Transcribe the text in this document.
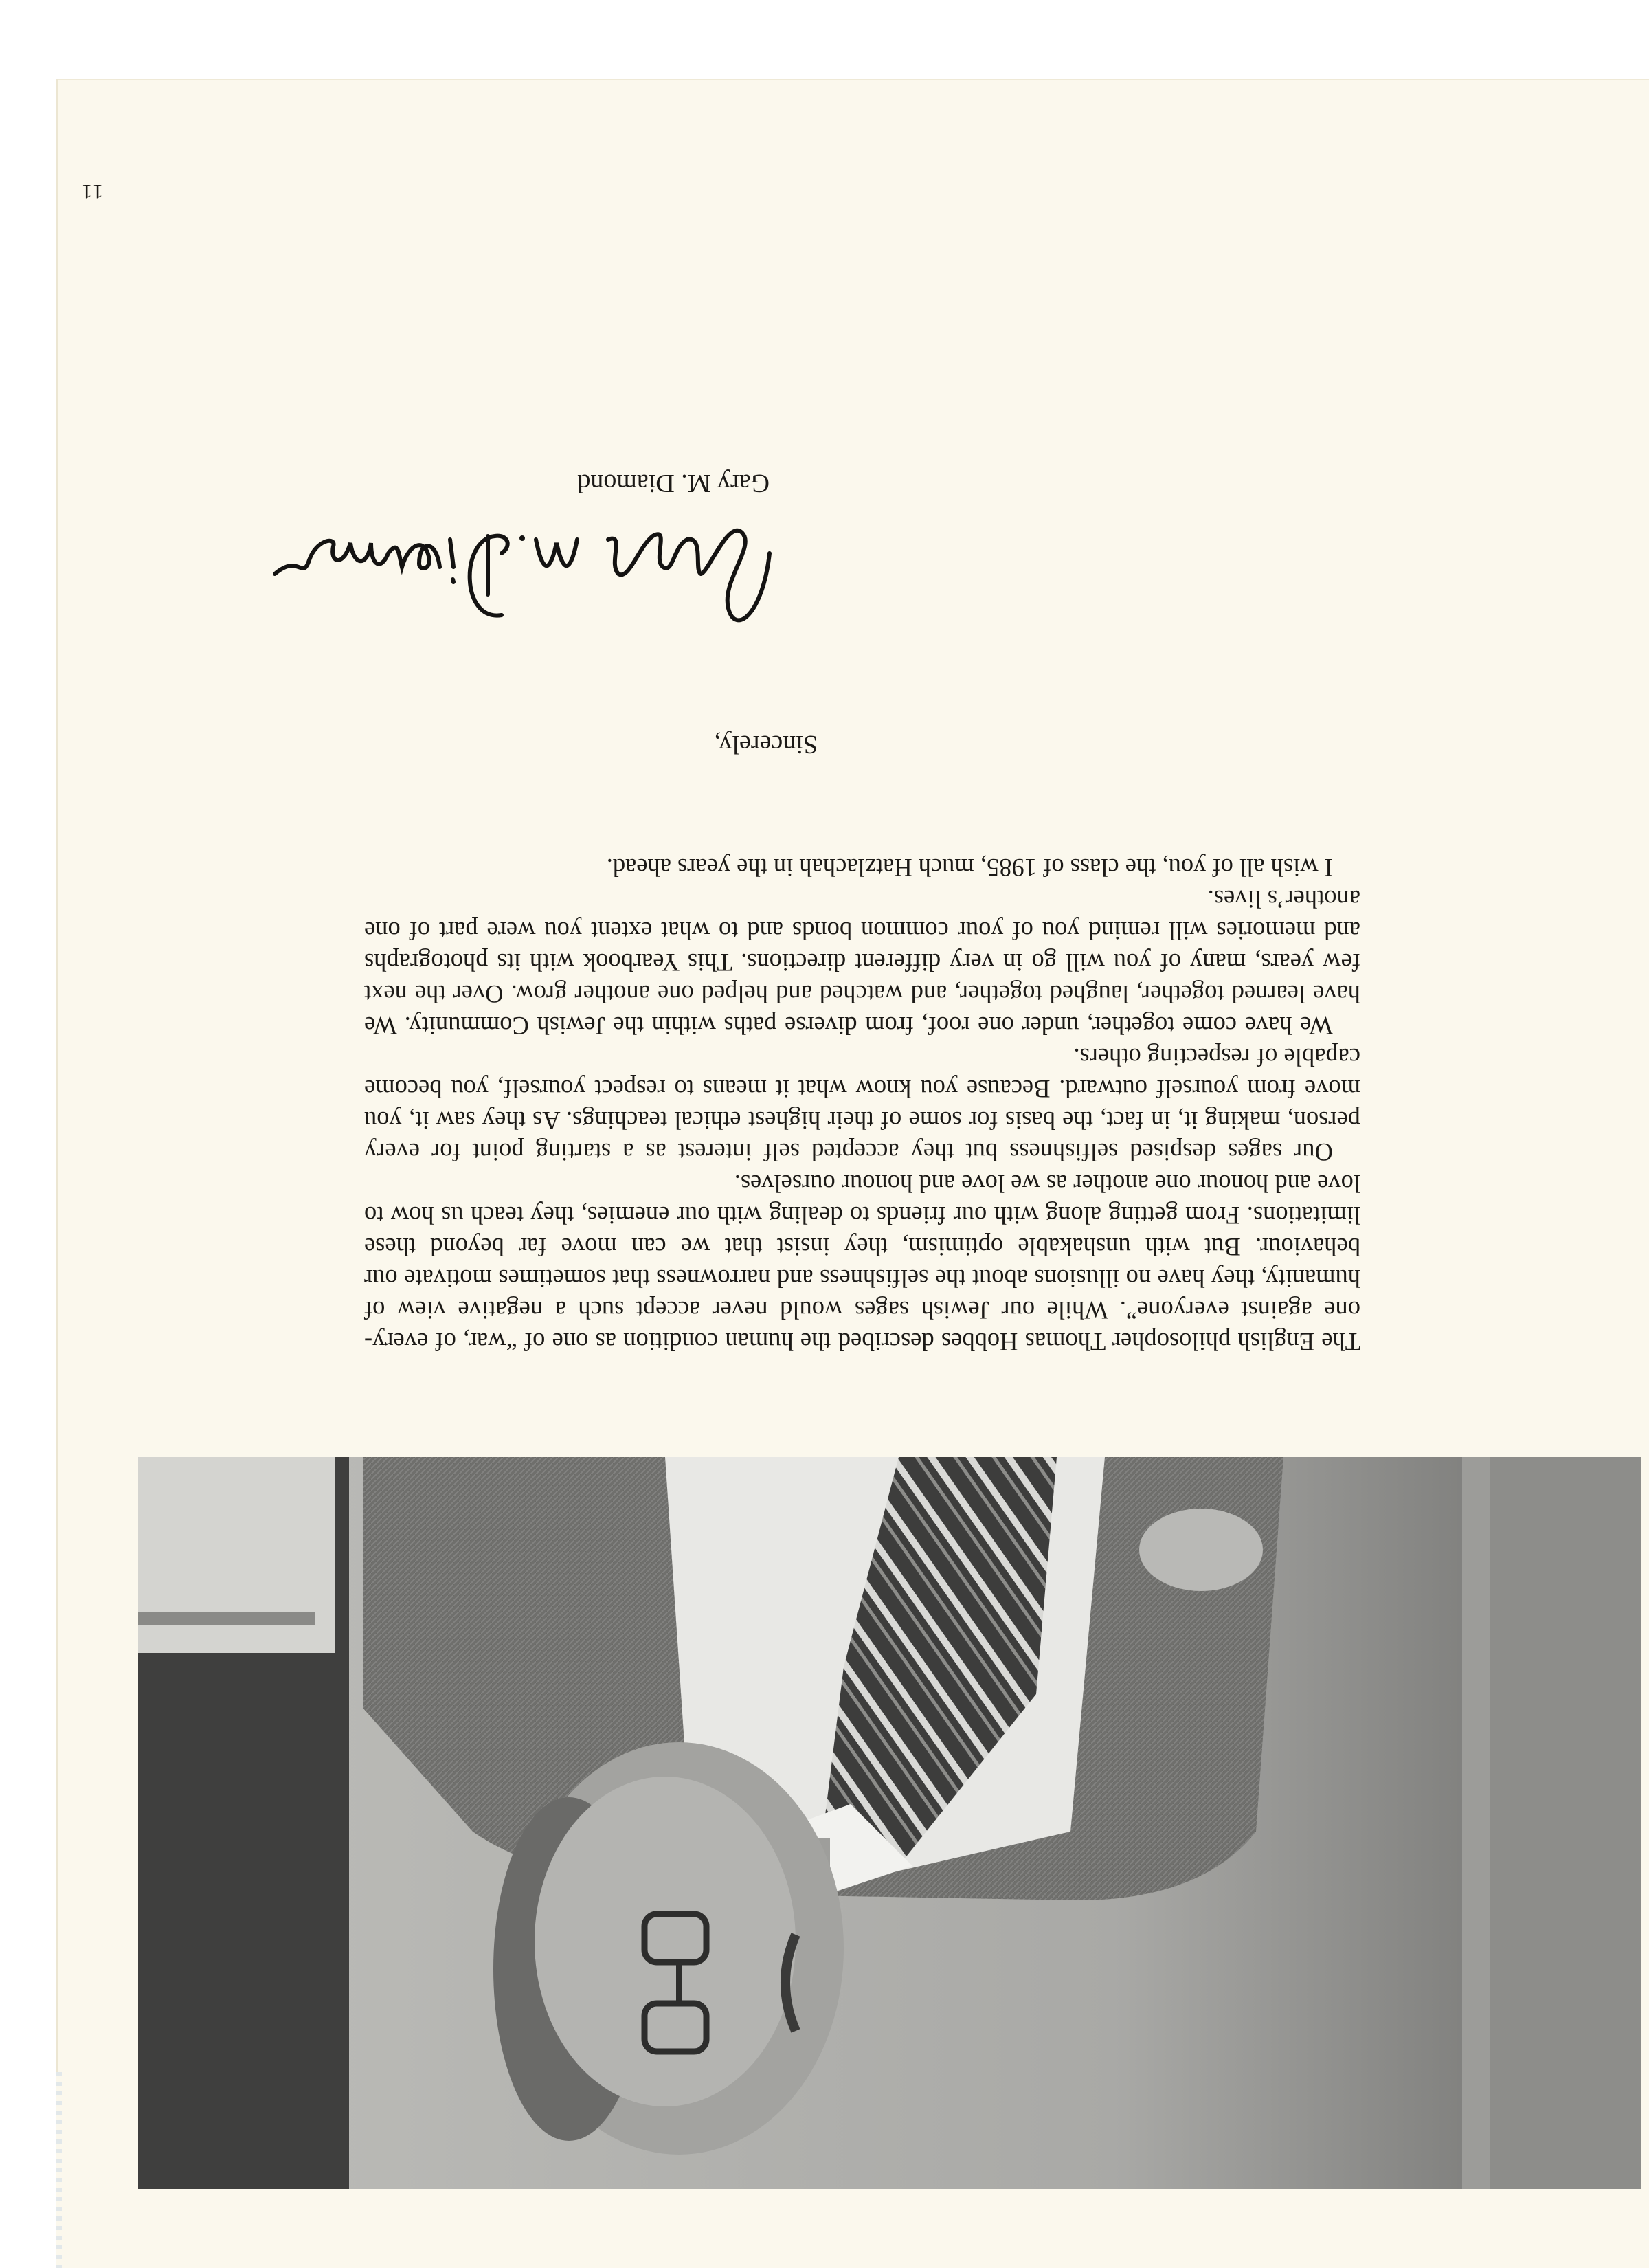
The English philosopher Thomas Hobbes described the human condition as one of “war, of every-one against everyone”. While our Jewish sages would never accept such a negative view of humanity, they have no illusions about the selfishness and narrowness that sometimes motivate our behaviour. But with unshakable optimism, they insist that we can move far beyond these limitations. From getting along with our friends to dealing with our enemies, they teach us how to love and honour one another as we love and honour ourselves.

Our sages despised selfishness but they accepted self interest as a starting point for every person, making it, in fact, the basis for some of their highest ethical teachings. As they saw it, you move from yourself outward. Because you know what it means to respect yourself, you become capable of respecting others.

We have come together, under one roof, from diverse paths within the Jewish Community. We have learned together, laughed together, and watched and helped one another grow. Over the next few years, many of you will go in very different directions. This Yearbook with its photographs and memories will remind you of your common bonds and to what extent you were part of one another’s lives.

I wish all of you, the class of 1985, much Hatzlachah in the years ahead.

Sincerely,
Gary M. Diamond
11
